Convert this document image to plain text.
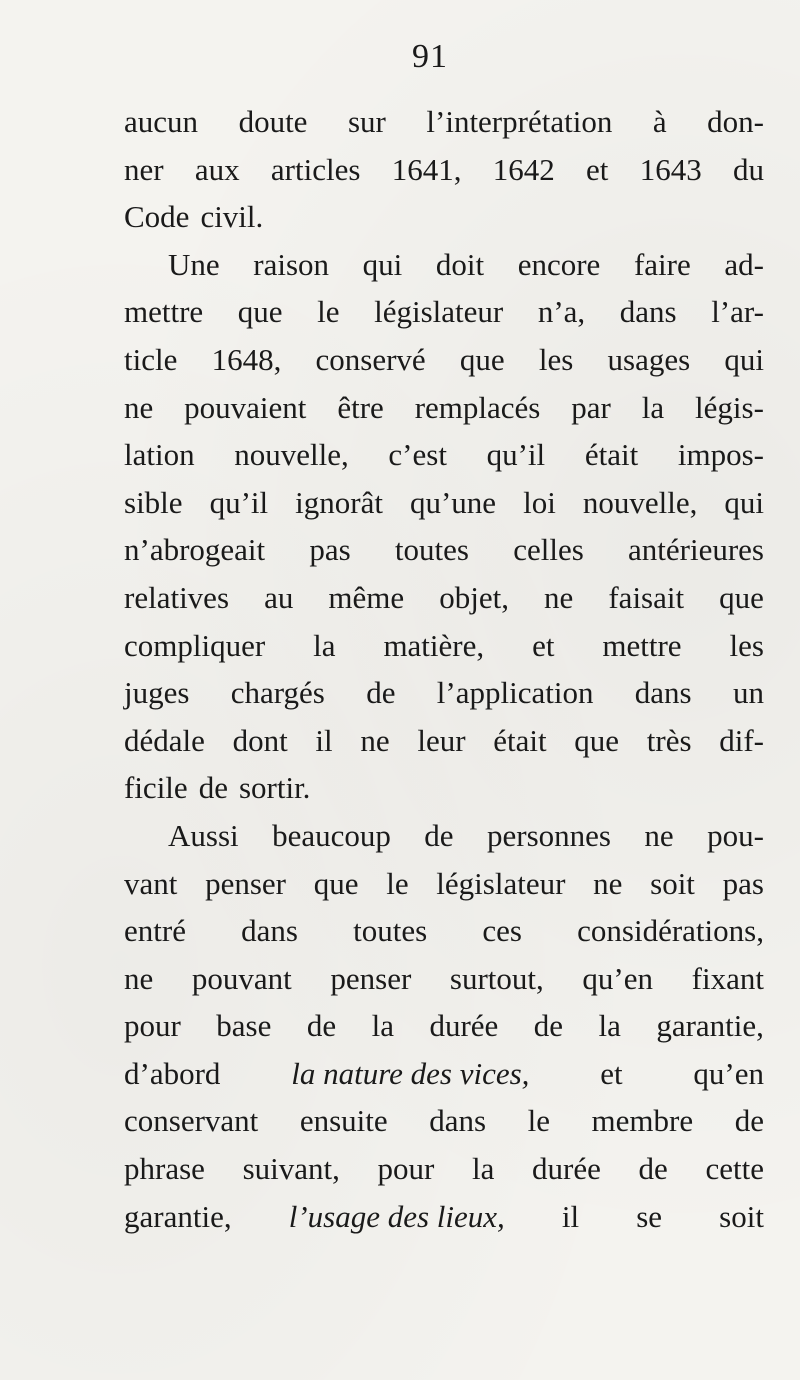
91
aucun doute sur l’interprétation à don-
ner aux articles 1641, 1642 et 1643 du
Code civil.
Une raison qui doit encore faire ad-
mettre que le législateur n’a, dans l’ar-
ticle 1648, conservé que les usages qui
ne pouvaient être remplacés par la légis-
lation nouvelle, c’est qu’il était impos-
sible qu’il ignorât qu’une loi nouvelle, qui
n’abrogeait pas toutes celles antérieures
relatives au même objet, ne faisait que
compliquer la matière, et mettre les
juges chargés de l’application dans un
dédale dont il ne leur était que très dif-
ficile de sortir.
Aussi beaucoup de personnes ne pou-
vant penser que le législateur ne soit pas
entré dans toutes ces considérations,
ne pouvant penser surtout, qu’en fixant
pour base de la durée de la garantie,
d’abord la nature des vices, et qu’en
conservant ensuite dans le membre de
phrase suivant, pour la durée de cette
garantie, l’usage des lieux, il se soit
